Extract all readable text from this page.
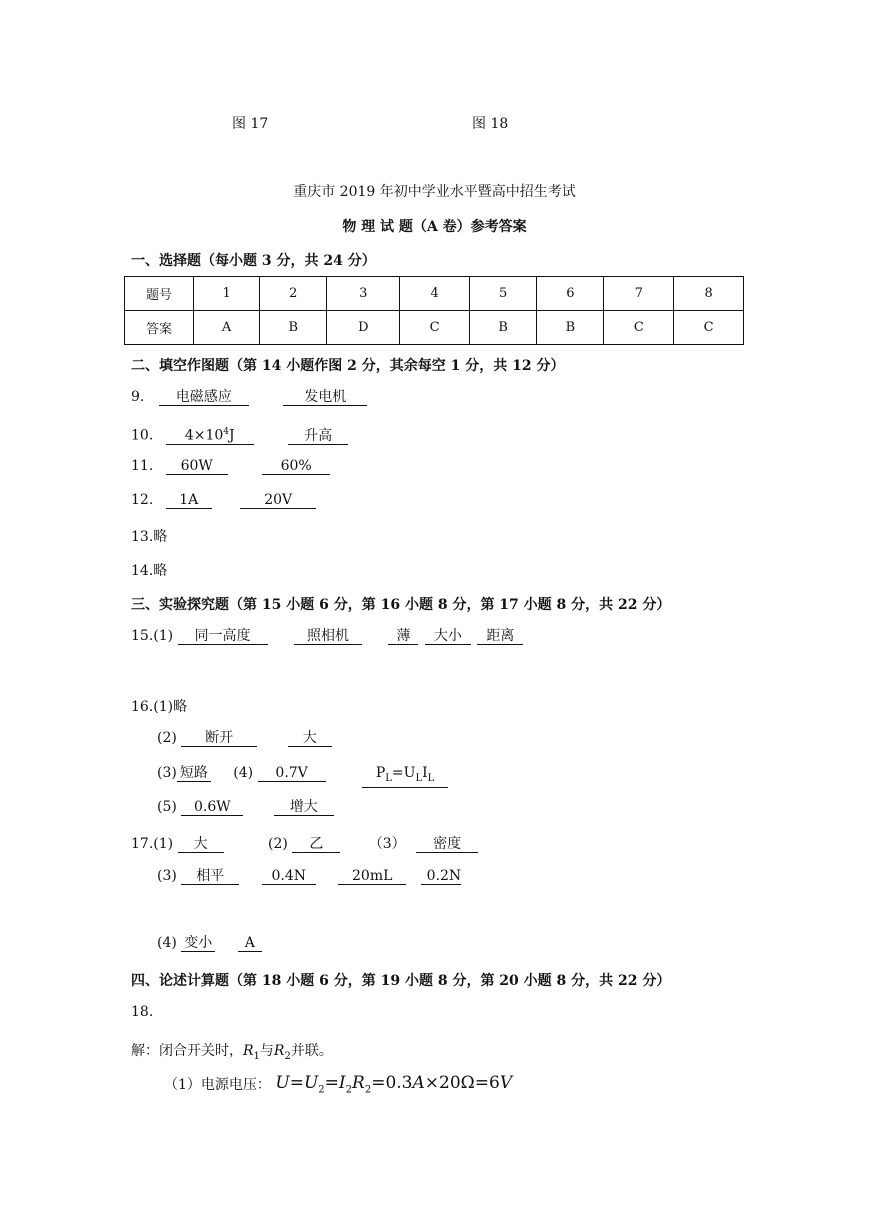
图 17	图 18
重庆市 2019 年初中学业水平暨高中招生考试
物 理 试 题（A 卷）参考答案
一、选择题（每小题 3 分，共 24 分）
题号	1	2	3	4	5	6	7	8
答案	A	B	D	C	B	B	C	C
二、填空作图题（第 14 小题作图 2 分，其余每空 1 分，共 12 分）
9. 电磁感应	发电机
10. $4\times 10^4J$	升高
11. 60W	60%
12. 1A	20V
13.略
14.略
三、实验探究题（第 15 小题 6 分，第 16 小题 8 分，第 17 小题 8 分，共 22 分）
15.(1) 同一高度	照相机	薄 大小 距离
16.(1)略
(2) 断开	大
(3) 短路 (4) 0.7V	$P_L=U_LI_L$
(5) 0.6W	增大
17.(1) 大	(2) 乙	（3） 密度
(3) 相平	0.4N	20mL 0.2N
(4) 变小 A
四、论述计算题（第 18 小题 6 分，第 19 小题 8 分，第 20 小题 8 分，共 22 分）
18.
解：闭合开关时，$R_1$与$R_2$并联。
（1）电源电压： $U=U_2=I_2R_2=0.3A\times 20\Omega=6V$
